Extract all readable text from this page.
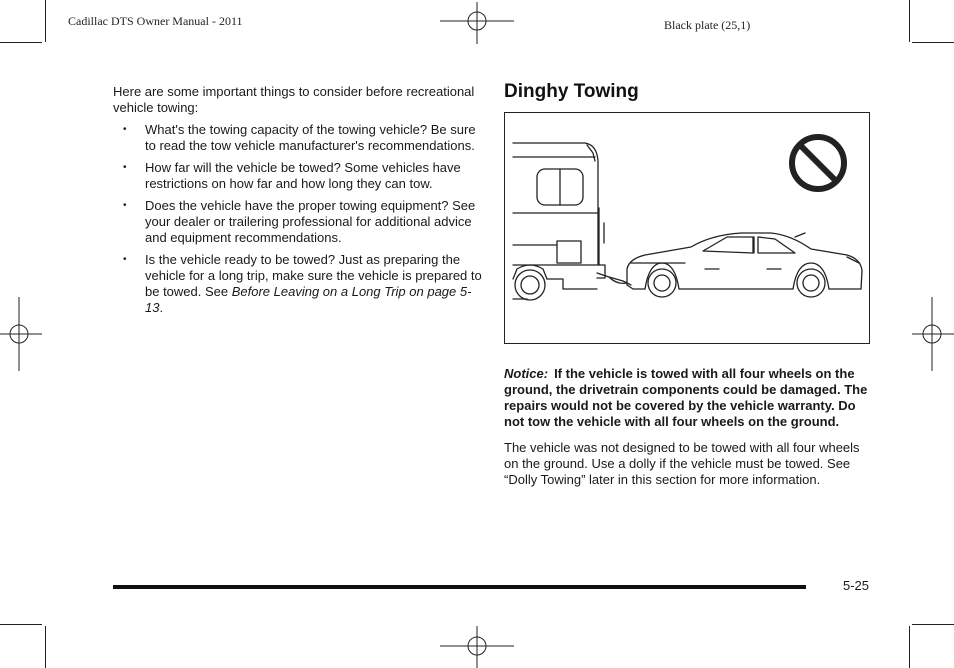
Cadillac DTS Owner Manual - 2011	Black plate (25,1)

Here are some important things to consider before recreational vehicle towing:

• What's the towing capacity of the towing vehicle? Be sure to read the tow vehicle manufacturer's recommendations.
• How far will the vehicle be towed? Some vehicles have restrictions on how far and how long they can tow.
• Does the vehicle have the proper towing equipment? See your dealer or trailering professional for additional advice and equipment recommendations.
• Is the vehicle ready to be towed? Just as preparing the vehicle for a long trip, make sure the vehicle is prepared to be towed. See Before Leaving on a Long Trip on page 5-13.
Dinghy Towing

Notice: If the vehicle is towed with all four wheels on the ground, the drivetrain components could be damaged. The repairs would not be covered by the vehicle warranty. Do not tow the vehicle with all four wheels on the ground.

The vehicle was not designed to be towed with all four wheels on the ground. Use a dolly if the vehicle must be towed. See “Dolly Towing” later in this section for more information.

5-25
